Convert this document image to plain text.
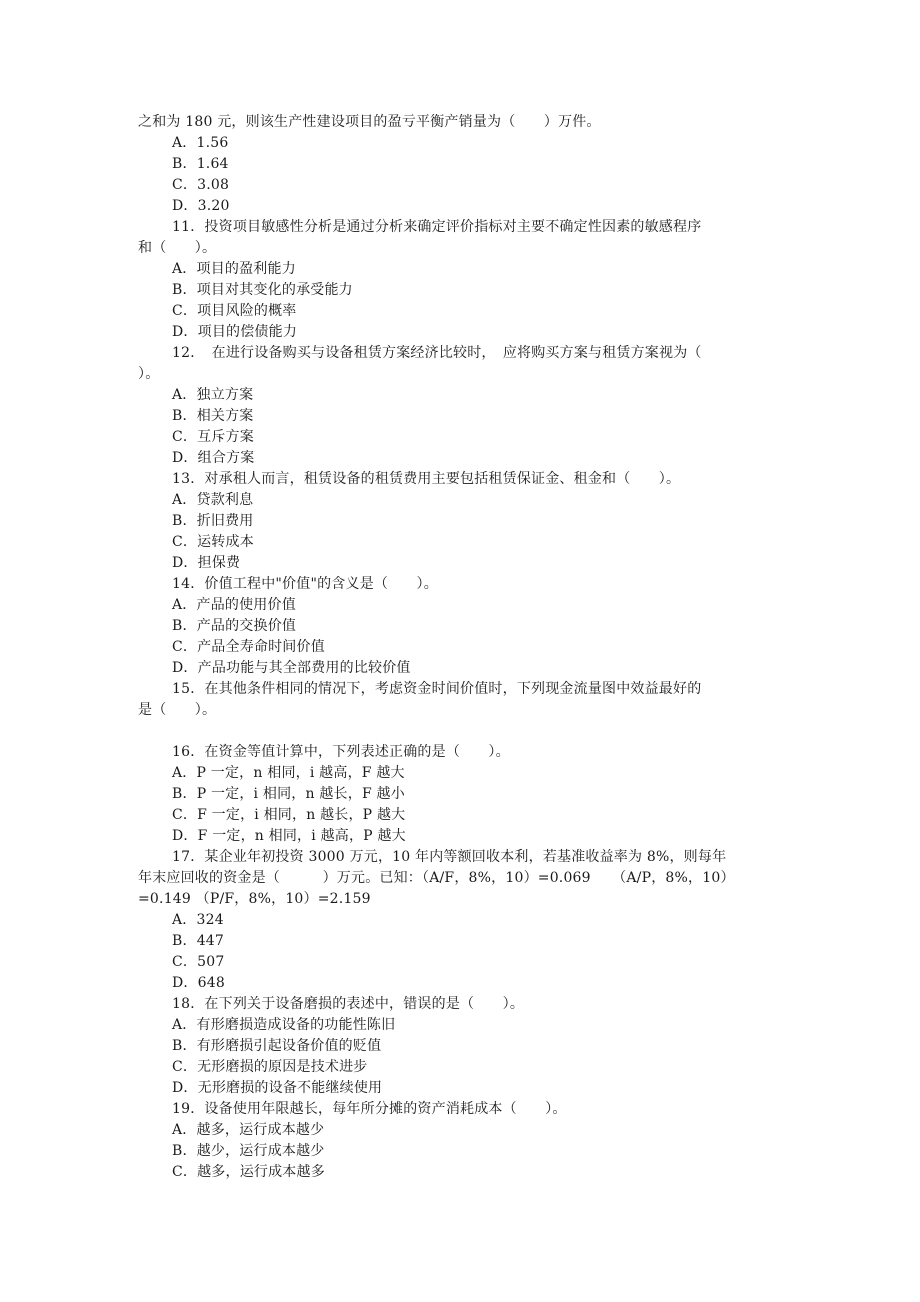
之和为 180 元，则该生产性建设项目的盈亏平衡产销量为（　　）万件。
A．1.56
B．1.64
C．3.08
D．3.20
11．投资项目敏感性分析是通过分析来确定评价指标对主要不确定性因素的敏感程序
和（　　）。
A．项目的盈利能力
B．项目对其变化的承受能力
C．项目风险的概率
D．项目的偿债能力
12．　在进行设备购买与设备租赁方案经济比较时，　应将购买方案与租赁方案视为（
）。
A．独立方案
B．相关方案
C．互斥方案
D．组合方案
13．对承租人而言，租赁设备的租赁费用主要包括租赁保证金、租金和（　　）。
A．贷款利息
B．折旧费用
C．运转成本
D．担保费
14．价值工程中"价值"的含义是（　　）。
A．产品的使用价值
B．产品的交换价值
C．产品全寿命时间价值
D．产品功能与其全部费用的比较价值
15．在其他条件相同的情况下，考虑资金时间价值时，下列现金流量图中效益最好的
是（　　）。
16．在资金等值计算中，下列表述正确的是（　　）。
A．P 一定，n 相同，i 越高，F 越大
B．P 一定，i 相同，n 越长，F 越小
C．F 一定，i 相同，n 越长，P 越大
D．F 一定，n 相同，i 越高，P 越大
17．某企业年初投资 3000 万元，10 年内等额回收本利，若基准收益率为 8%，则每年
年末应回收的资金是（　　　）万元。已知：（A/F，8%，10）=0.069　　（A/P，8%，10）
=0.149 （P/F，8%，10）=2.159
A．324
B．447
C．507
D．648
18．在下列关于设备磨损的表述中，错误的是（　　）。
A．有形磨损造成设备的功能性陈旧
B．有形磨损引起设备价值的贬值
C．无形磨损的原因是技术进步
D．无形磨损的设备不能继续使用
19．设备使用年限越长，每年所分摊的资产消耗成本（　　）。
A．越多，运行成本越少
B．越少，运行成本越少
C．越多，运行成本越多
